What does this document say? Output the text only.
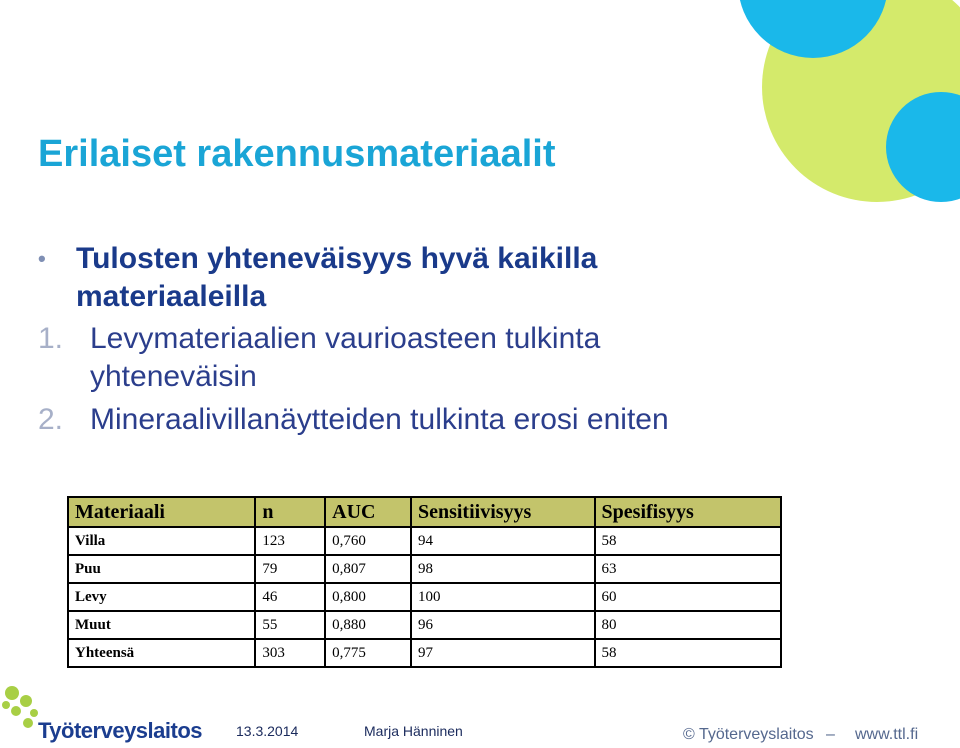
Erilaiset rakennusmateriaalit
• Tulosten yhteneväisyys hyvä kaikilla materiaaleilla
1. Levymateriaalien vaurioasteen tulkinta yhteneväisin
2. Mineraalivillanäytteiden tulkinta erosi eniten
Materiaali	n	AUC	Sensitiivisyys	Spesifisyys
Villa	123	0,760	94	58
Puu	79	0,807	98	63
Levy	46	0,800	100	60
Muut	55	0,880	96	80
Yhteensä	303	0,775	97	58
Työterveyslaitos 13.3.2014	Marja Hänninen	© Työterveyslaitos – www.ttl.fi
